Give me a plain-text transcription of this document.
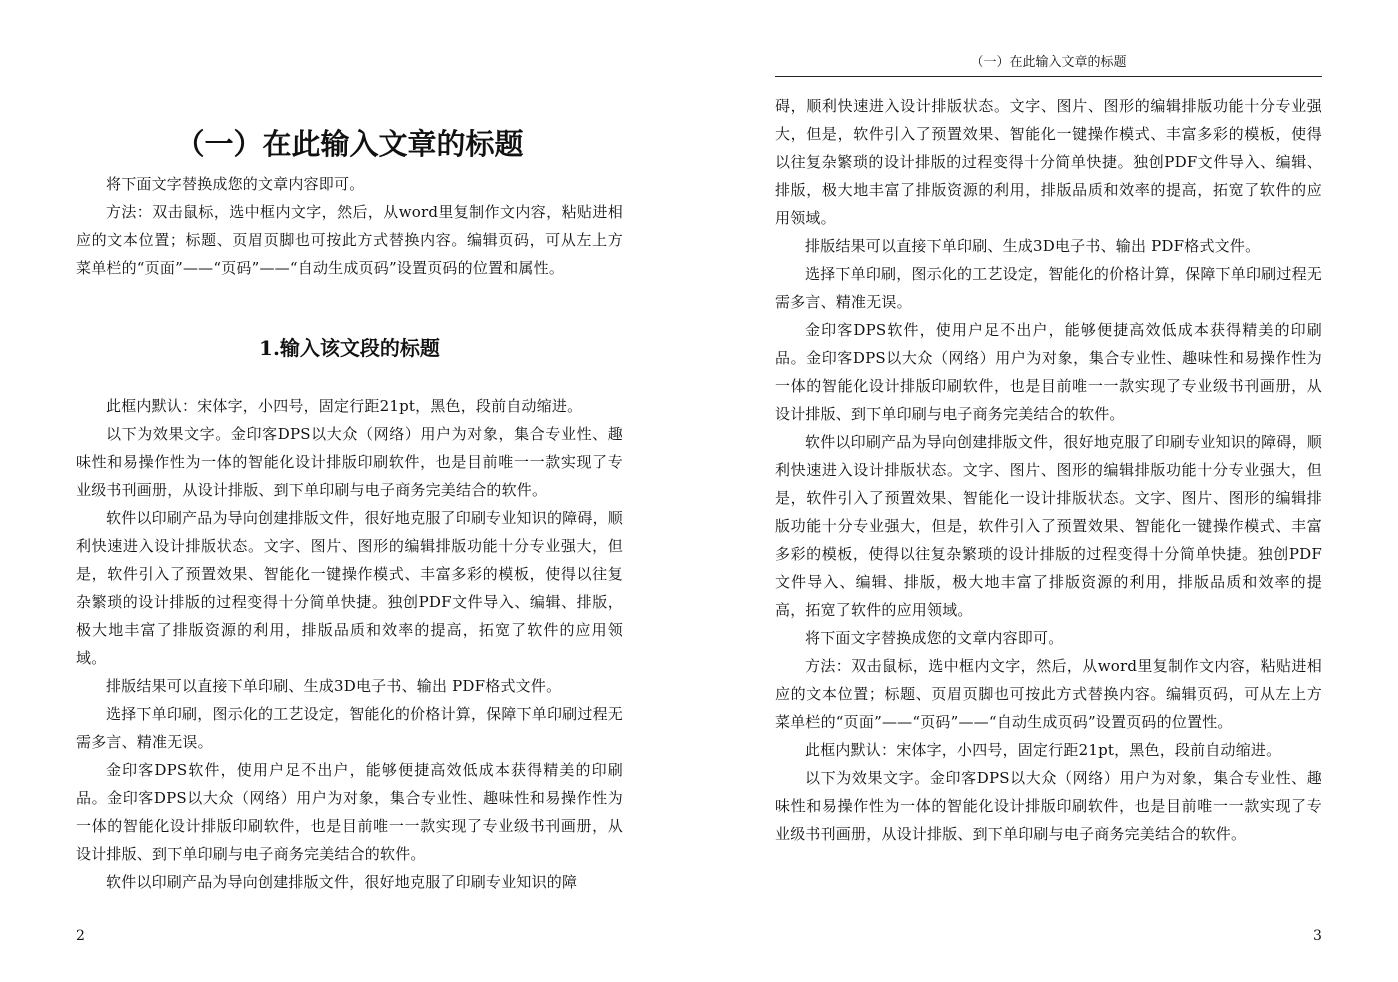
（一）在此输入文章的标题

将下面文字替换成您的文章内容即可。

方法：双击鼠标，选中框内文字，然后，从word里复制作文内容，粘贴进相应的文本位置；标题、页眉页脚也可按此方式替换内容。编辑页码，可从左上方菜单栏的“页面”——“页码”——“自动生成页码”设置页码的位置和属性。

1.输入该文段的标题

此框内默认：宋体字，小四号，固定行距21pt，黑色，段前自动缩进。

以下为效果文字。金印客DPS以大众（网络）用户为对象，集合专业性、趣味性和易操作性为一体的智能化设计排版印刷软件，也是目前唯一一款实现了专业级书刊画册，从设计排版、到下单印刷与电子商务完美结合的软件。

软件以印刷产品为导向创建排版文件，很好地克服了印刷专业知识的障碍，顺利快速进入设计排版状态。文字、图片、图形的编辑排版功能十分专业强大，但是，软件引入了预置效果、智能化一键操作模式、丰富多彩的模板，使得以往复杂繁琐的设计排版的过程变得十分简单快捷。独创PDF文件导入、编辑、排版，极大地丰富了排版资源的利用，排版品质和效率的提高，拓宽了软件的应用领域。

排版结果可以直接下单印刷、生成3D电子书、输出 PDF格式文件。

选择下单印刷，图示化的工艺设定，智能化的价格计算，保障下单印刷过程无需多言、精准无误。

金印客DPS软件，使用户足不出户，能够便捷高效低成本获得精美的印刷品。金印客DPS以大众（网络）用户为对象，集合专业性、趣味性和易操作性为一体的智能化设计排版印刷软件，也是目前唯一一款实现了专业级书刊画册，从设计排版、到下单印刷与电子商务完美结合的软件。

软件以印刷产品为导向创建排版文件，很好地克服了印刷专业知识的障

2
（一）在此输入文章的标题

碍，顺利快速进入设计排版状态。文字、图片、图形的编辑排版功能十分专业强大，但是，软件引入了预置效果、智能化一键操作模式、丰富多彩的模板，使得以往复杂繁琐的设计排版的过程变得十分简单快捷。独创PDF文件导入、编辑、排版，极大地丰富了排版资源的利用，排版品质和效率的提高，拓宽了软件的应用领域。

排版结果可以直接下单印刷、生成3D电子书、输出 PDF格式文件。

选择下单印刷，图示化的工艺设定，智能化的价格计算，保障下单印刷过程无需多言、精准无误。

金印客DPS软件，使用户足不出户，能够便捷高效低成本获得精美的印刷品。金印客DPS以大众（网络）用户为对象，集合专业性、趣味性和易操作性为一体的智能化设计排版印刷软件，也是目前唯一一款实现了专业级书刊画册，从设计排版、到下单印刷与电子商务完美结合的软件。

软件以印刷产品为导向创建排版文件，很好地克服了印刷专业知识的障碍，顺利快速进入设计排版状态。文字、图片、图形的编辑排版功能十分专业强大，但是，软件引入了预置效果、智能化一设计排版状态。文字、图片、图形的编辑排版功能十分专业强大，但是，软件引入了预置效果、智能化一键操作模式、丰富多彩的模板，使得以往复杂繁琐的设计排版的过程变得十分简单快捷。独创PDF文件导入、编辑、排版，极大地丰富了排版资源的利用，排版品质和效率的提高，拓宽了软件的应用领域。

将下面文字替换成您的文章内容即可。

方法：双击鼠标，选中框内文字，然后，从word里复制作文内容，粘贴进相应的文本位置；标题、页眉页脚也可按此方式替换内容。编辑页码，可从左上方菜单栏的“页面”——“页码”——“自动生成页码”设置页码的位置性。

此框内默认：宋体字，小四号，固定行距21pt，黑色，段前自动缩进。

以下为效果文字。金印客DPS以大众（网络）用户为对象，集合专业性、趣味性和易操作性为一体的智能化设计排版印刷软件，也是目前唯一一款实现了专业级书刊画册，从设计排版、到下单印刷与电子商务完美结合的软件。

3
